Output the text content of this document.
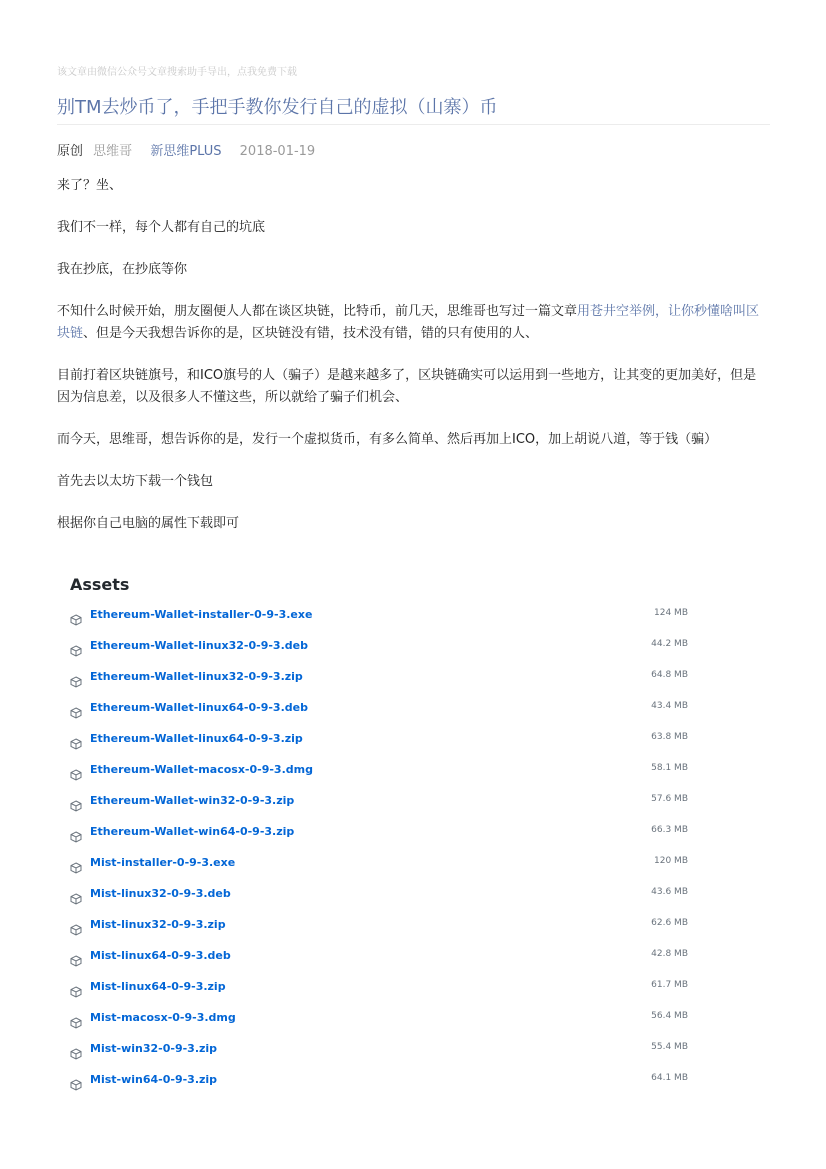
该文章由微信公众号文章搜索助手导出，点我免费下载
别TM去炒币了，手把手教你发行自己的虚拟（山寨）币
原创 思维哥 新思维PLUS 2018-01-19

来了？坐、

我们不一样，每个人都有自己的坑底

我在抄底，在抄底等你

不知什么时候开始，朋友圈便人人都在谈区块链，比特币，前几天，思维哥也写过一篇文章用苍井空举例，让你秒懂啥叫区块链、但是今天我想告诉你的是，区块链没有错，技术没有错，错的只有使用的人、

目前打着区块链旗号，和ICO旗号的人（骗子）是越来越多了，区块链确实可以运用到一些地方，让其变的更加美好，但是因为信息差，以及很多人不懂这些，所以就给了骗子们机会、

而今天，思维哥，想告诉你的是，发行一个虚拟货币，有多么简单、然后再加上ICO，加上胡说八道，等于钱（骗）

首先去以太坊下载一个钱包

根据你自己电脑的属性下载即可

Assets
Ethereum-Wallet-installer-0-9-3.exe	124 MB
Ethereum-Wallet-linux32-0-9-3.deb	44.2 MB
Ethereum-Wallet-linux32-0-9-3.zip	64.8 MB
Ethereum-Wallet-linux64-0-9-3.deb	43.4 MB
Ethereum-Wallet-linux64-0-9-3.zip	63.8 MB
Ethereum-Wallet-macosx-0-9-3.dmg	58.1 MB
Ethereum-Wallet-win32-0-9-3.zip	57.6 MB
Ethereum-Wallet-win64-0-9-3.zip	66.3 MB
Mist-installer-0-9-3.exe	120 MB
Mist-linux32-0-9-3.deb	43.6 MB
Mist-linux32-0-9-3.zip	62.6 MB
Mist-linux64-0-9-3.deb	42.8 MB
Mist-linux64-0-9-3.zip	61.7 MB
Mist-macosx-0-9-3.dmg	56.4 MB
Mist-win32-0-9-3.zip	55.4 MB
Mist-win64-0-9-3.zip	64.1 MB
